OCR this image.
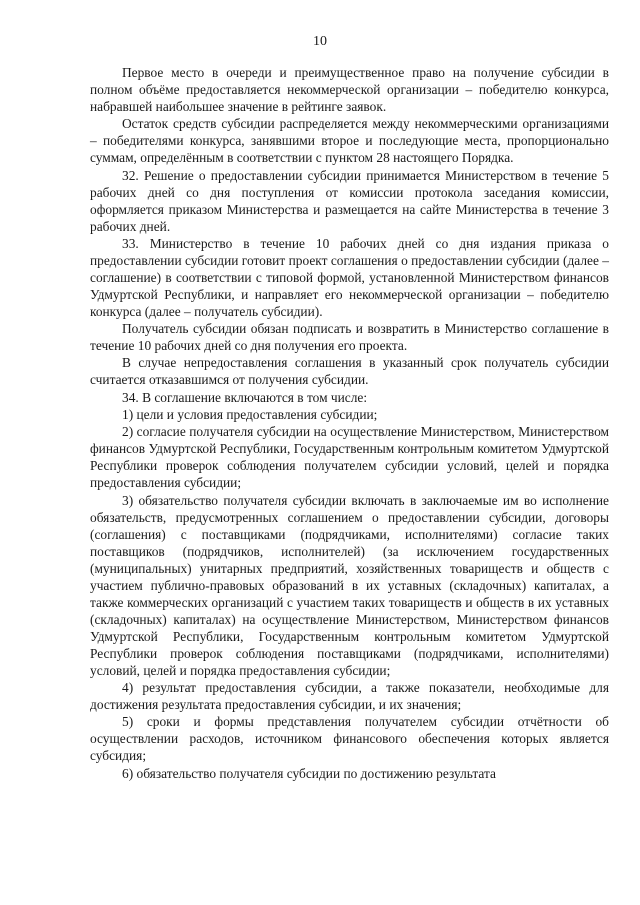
10

Первое место в очереди и преимущественное право на получение субсидии в полном объёме предоставляется некоммерческой организации – победителю конкурса, набравшей наибольшее значение в рейтинге заявок.

Остаток средств субсидии распределяется между некоммерческими организациями – победителями конкурса, занявшими второе и последующие места, пропорционально суммам, определённым в соответствии с пунктом 28 настоящего Порядка.

32. Решение о предоставлении субсидии принимается Министерством в течение 5 рабочих дней со дня поступления от комиссии протокола заседания комиссии, оформляется приказом Министерства и размещается на сайте Министерства в течение 3 рабочих дней.

33. Министерство в течение 10 рабочих дней со дня издания приказа о предоставлении субсидии готовит проект соглашения о предоставлении субсидии (далее – соглашение) в соответствии с типовой формой, установленной Министерством финансов Удмуртской Республики, и направляет его некоммерческой организации – победителю конкурса (далее – получатель субсидии).

Получатель субсидии обязан подписать и возвратить в Министерство соглашение в течение 10 рабочих дней со дня получения его проекта.

В случае непредоставления соглашения в указанный срок получатель субсидии считается отказавшимся от получения субсидии.

34. В соглашение включаются в том числе:

1) цели и условия предоставления субсидии;

2) согласие получателя субсидии на осуществление Министерством, Министерством финансов Удмуртской Республики, Государственным контрольным комитетом Удмуртской Республики проверок соблюдения получателем субсидии условий, целей и порядка предоставления субсидии;

3) обязательство получателя субсидии включать в заключаемые им во исполнение обязательств, предусмотренных соглашением о предоставлении субсидии, договоры (соглашения) с поставщиками (подрядчиками, исполнителями) согласие таких поставщиков (подрядчиков, исполнителей) (за исключением государственных (муниципальных) унитарных предприятий, хозяйственных товариществ и обществ с участием публично-правовых образований в их уставных (складочных) капиталах, а также коммерческих организаций с участием таких товариществ и обществ в их уставных (складочных) капиталах) на осуществление Министерством, Министерством финансов Удмуртской Республики, Государственным контрольным комитетом Удмуртской Республики проверок соблюдения поставщиками (подрядчиками, исполнителями) условий, целей и порядка предоставления субсидии;

4) результат предоставления субсидии, а также показатели, необходимые для достижения результата предоставления субсидии, и их значения;

5) сроки и формы представления получателем субсидии отчётности об осуществлении расходов, источником финансового обеспечения которых является субсидия;

6) обязательство получателя субсидии по достижению результата
